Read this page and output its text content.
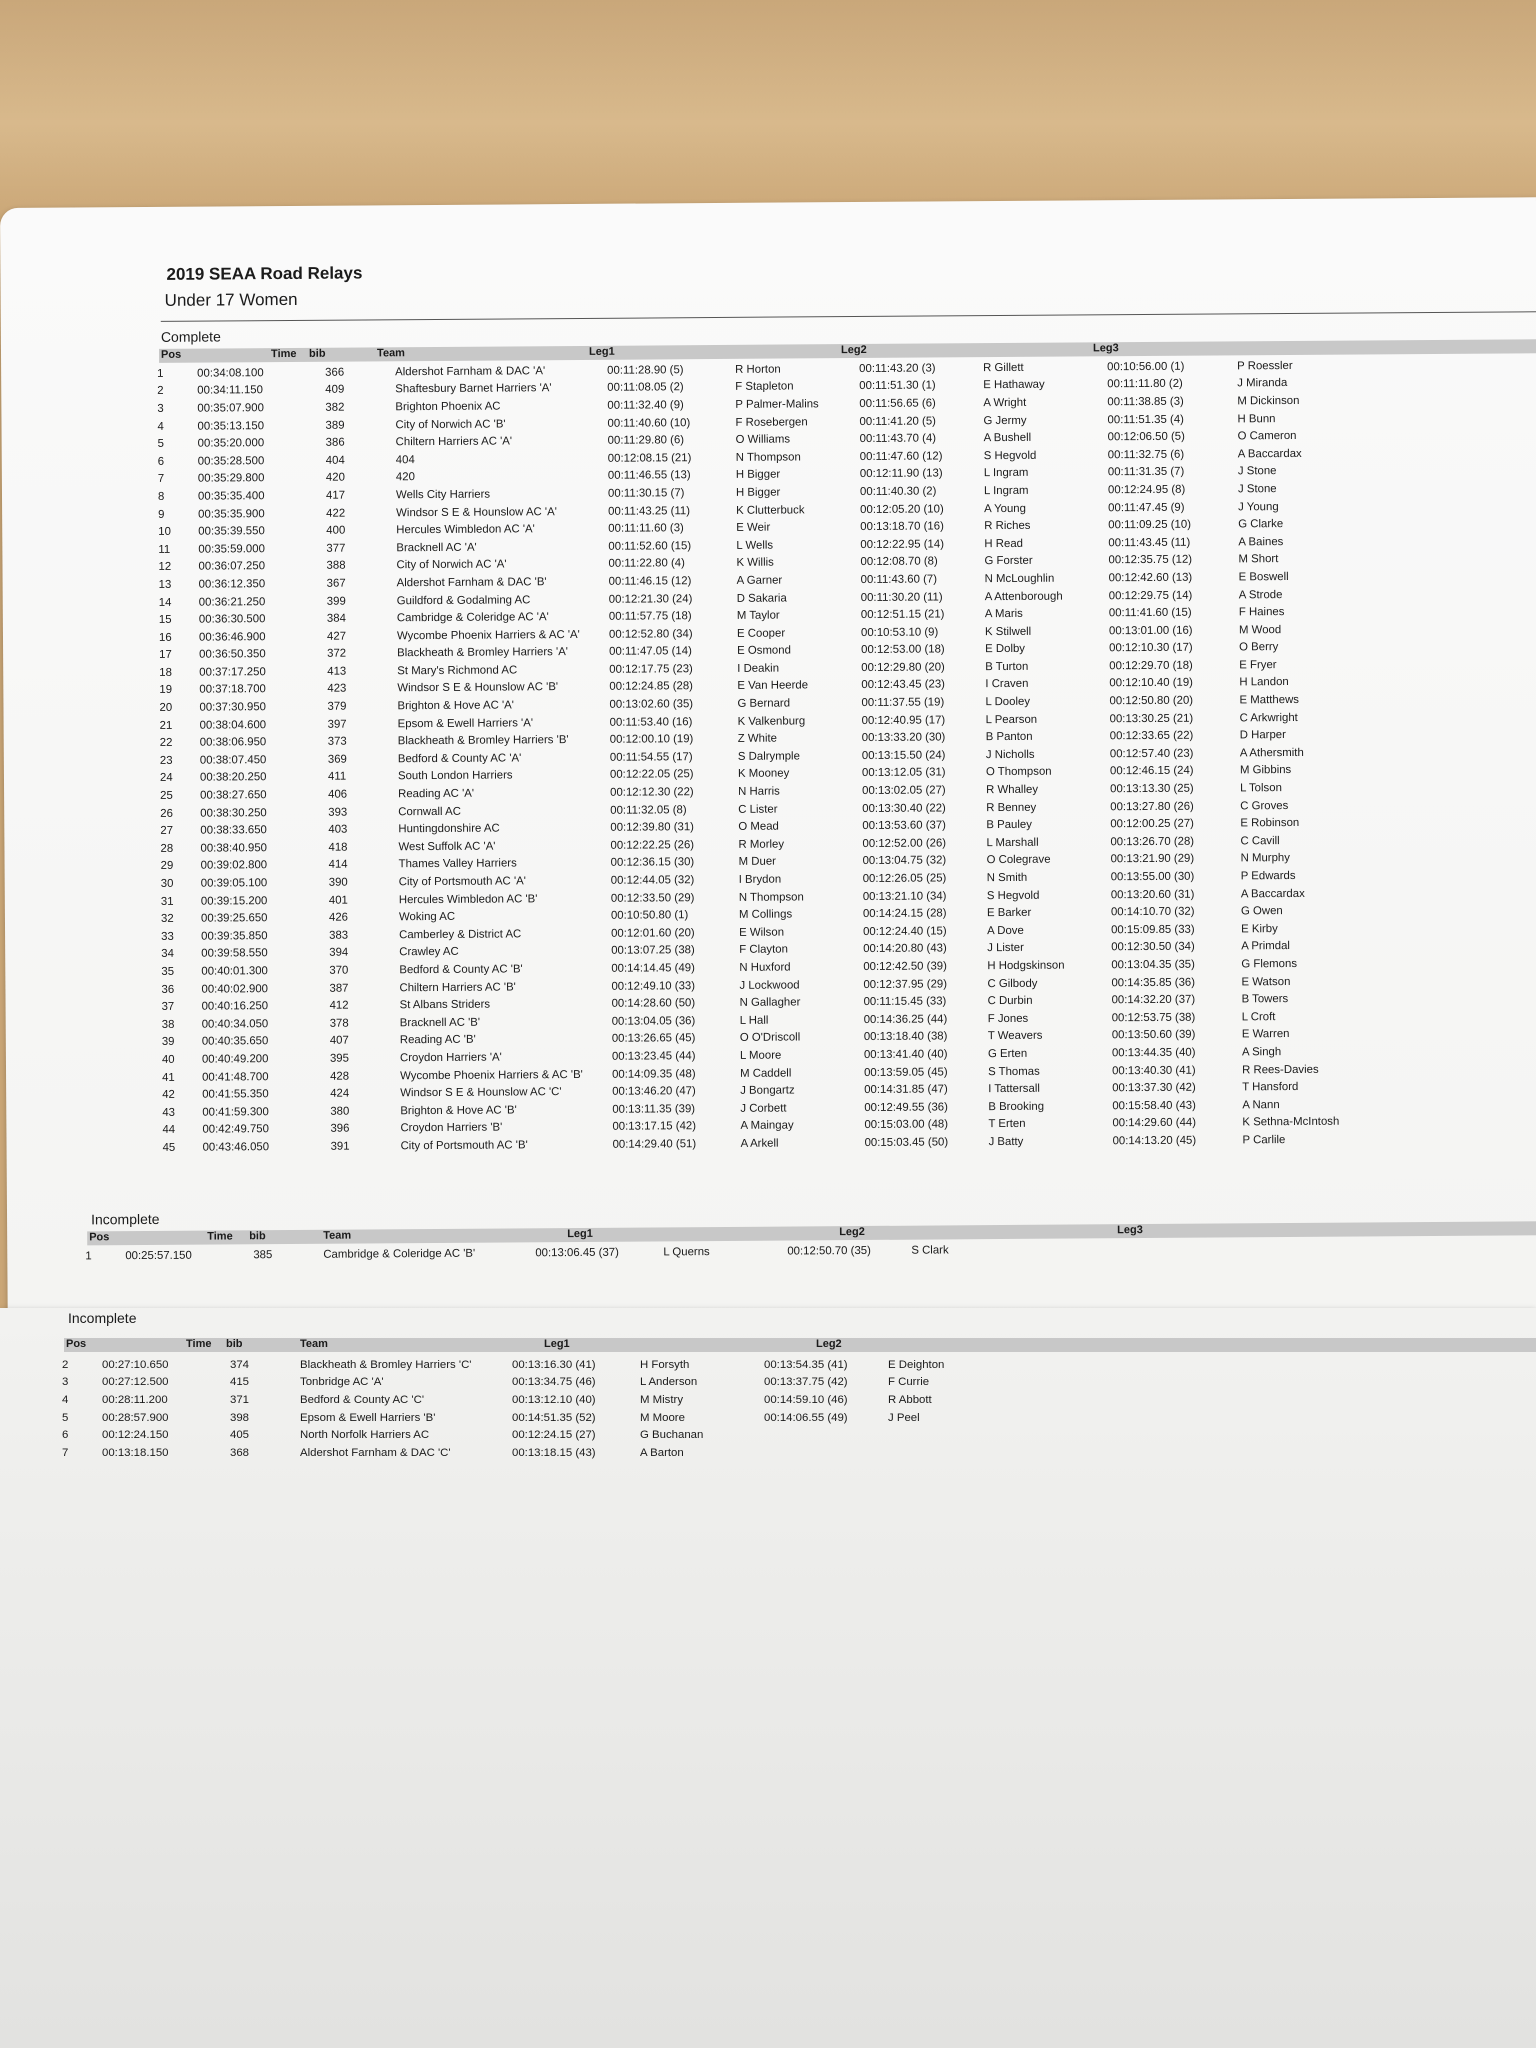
2019 SEAA Road Relays
Under 17 Women
Complete
Pos	Time bib	Team	Leg1	Leg2	Leg3
1	00:34:08.100	366	Aldershot Farnham & DAC 'A'	00:11:28.90 (5)	R Horton	00:11:43.20 (3)	R Gillett	00:10:56.00 (1)	P Roessler
2	00:34:11.150	409	Shaftesbury Barnet Harriers 'A'	00:11:08.05 (2)	F Stapleton	00:11:51.30 (1)	E Hathaway	00:11:11.80 (2)	J Miranda
3	00:35:07.900	382	Brighton Phoenix AC	00:11:32.40 (9)	P Palmer-Malins	00:11:56.65 (6)	A Wright	00:11:38.85 (3)	M Dickinson
4	00:35:13.150	389	City of Norwich AC 'B'	00:11:40.60 (10)	F Rosebergen	00:11:41.20 (5)	G Jermy	00:11:51.35 (4)	H Bunn
5	00:35:20.000	386	Chiltern Harriers AC 'A'	00:11:29.80 (6)	O Williams	00:11:43.70 (4)	A Bushell	00:12:06.50 (5)	O Cameron
6	00:35:28.500	404	404	00:12:08.15 (21)	N Thompson	00:11:47.60 (12)	S Hegvold	00:11:32.75 (6)	A Baccardax
7	00:35:29.800	420	420	00:11:46.55 (13)	H Bigger	00:12:11.90 (13)	L Ingram	00:11:31.35 (7)	J Stone
8	00:35:35.400	417	Wells City Harriers	00:11:30.15 (7)	H Bigger	00:11:40.30 (2)	L Ingram	00:12:24.95 (8)	J Stone
9	00:35:35.900	422	Windsor S E & Hounslow AC 'A'	00:11:43.25 (11)	K Clutterbuck	00:12:05.20 (10)	A Young	00:11:47.45 (9)	J Young
10	00:35:39.550	400	Hercules Wimbledon AC 'A'	00:11:11.60 (3)	E Weir	00:13:18.70 (16)	R Riches	00:11:09.25 (10)	G Clarke
11	00:35:59.000	377	Bracknell AC 'A'	00:11:52.60 (15)	L Wells	00:12:22.95 (14)	H Read	00:11:43.45 (11)	A Baines
12	00:36:07.250	388	City of Norwich AC 'A'	00:11:22.80 (4)	K Willis	00:12:08.70 (8)	G Forster	00:12:35.75 (12)	M Short
13	00:36:12.350	367	Aldershot Farnham & DAC 'B'	00:11:46.15 (12)	A Garner	00:11:43.60 (7)	N McLoughlin	00:12:42.60 (13)	E Boswell
14	00:36:21.250	399	Guildford & Godalming AC	00:12:21.30 (24)	D Sakaria	00:11:30.20 (11)	A Attenborough	00:12:29.75 (14)	A Strode
15	00:36:30.500	384	Cambridge & Coleridge AC 'A'	00:11:57.75 (18)	M Taylor	00:12:51.15 (21)	A Maris	00:11:41.60 (15)	F Haines
16	00:36:46.900	427	Wycombe Phoenix Harriers & AC 'A'	00:12:52.80 (34)	E Cooper	00:10:53.10 (9)	K Stilwell	00:13:01.00 (16)	M Wood
17	00:36:50.350	372	Blackheath & Bromley Harriers 'A'	00:11:47.05 (14)	E Osmond	00:12:53.00 (18)	E Dolby	00:12:10.30 (17)	O Berry
18	00:37:17.250	413	St Mary's Richmond AC	00:12:17.75 (23)	I Deakin	00:12:29.80 (20)	B Turton	00:12:29.70 (18)	E Fryer
19	00:37:18.700	423	Windsor S E & Hounslow AC 'B'	00:12:24.85 (28)	E Van Heerde	00:12:43.45 (23)	I Craven	00:12:10.40 (19)	H Landon
20	00:37:30.950	379	Brighton & Hove AC 'A'	00:13:02.60 (35)	G Bernard	00:11:37.55 (19)	L Dooley	00:12:50.80 (20)	E Matthews
21	00:38:04.600	397	Epsom & Ewell Harriers 'A'	00:11:53.40 (16)	K Valkenburg	00:12:40.95 (17)	L Pearson	00:13:30.25 (21)	C Arkwright
22	00:38:06.950	373	Blackheath & Bromley Harriers 'B'	00:12:00.10 (19)	Z White	00:13:33.20 (30)	B Panton	00:12:33.65 (22)	D Harper
23	00:38:07.450	369	Bedford & County AC 'A'	00:11:54.55 (17)	S Dalrymple	00:13:15.50 (24)	J Nicholls	00:12:57.40 (23)	A Athersmith
24	00:38:20.250	411	South London Harriers	00:12:22.05 (25)	K Mooney	00:13:12.05 (31)	O Thompson	00:12:46.15 (24)	M Gibbins
25	00:38:27.650	406	Reading AC 'A'	00:12:12.30 (22)	N Harris	00:13:02.05 (27)	R Whalley	00:13:13.30 (25)	L Tolson
26	00:38:30.250	393	Cornwall AC	00:11:32.05 (8)	C Lister	00:13:30.40 (22)	R Benney	00:13:27.80 (26)	C Groves
27	00:38:33.650	403	Huntingdonshire AC	00:12:39.80 (31)	O Mead	00:13:53.60 (37)	B Pauley	00:12:00.25 (27)	E Robinson
28	00:38:40.950	418	West Suffolk AC 'A'	00:12:22.25 (26)	R Morley	00:12:52.00 (26)	L Marshall	00:13:26.70 (28)	C Cavill
29	00:39:02.800	414	Thames Valley Harriers	00:12:36.15 (30)	M Duer	00:13:04.75 (32)	O Colegrave	00:13:21.90 (29)	N Murphy
30	00:39:05.100	390	City of Portsmouth AC 'A'	00:12:44.05 (32)	I Brydon	00:12:26.05 (25)	N Smith	00:13:55.00 (30)	P Edwards
31	00:39:15.200	401	Hercules Wimbledon AC 'B'	00:12:33.50 (29)	N Thompson	00:13:21.10 (34)	S Hegvold	00:13:20.60 (31)	A Baccardax
32	00:39:25.650	426	Woking AC	00:10:50.80 (1)	M Collings	00:14:24.15 (28)	E Barker	00:14:10.70 (32)	G Owen
33	00:39:35.850	383	Camberley & District AC	00:12:01.60 (20)	E Wilson	00:12:24.40 (15)	A Dove	00:15:09.85 (33)	E Kirby
34	00:39:58.550	394	Crawley AC	00:13:07.25 (38)	F Clayton	00:14:20.80 (43)	J Lister	00:12:30.50 (34)	A Primdal
35	00:40:01.300	370	Bedford & County AC 'B'	00:14:14.45 (49)	N Huxford	00:12:42.50 (39)	H Hodgskinson	00:13:04.35 (35)	G Flemons
36	00:40:02.900	387	Chiltern Harriers AC 'B'	00:12:49.10 (33)	J Lockwood	00:12:37.95 (29)	C Gilbody	00:14:35.85 (36)	E Watson
37	00:40:16.250	412	St Albans Striders	00:14:28.60 (50)	N Gallagher	00:11:15.45 (33)	C Durbin	00:14:32.20 (37)	B Towers
38	00:40:34.050	378	Bracknell AC 'B'	00:13:04.05 (36)	L Hall	00:14:36.25 (44)	F Jones	00:12:53.75 (38)	L Croft
39	00:40:35.650	407	Reading AC 'B'	00:13:26.65 (45)	O O'Driscoll	00:13:18.40 (38)	T Weavers	00:13:50.60 (39)	E Warren
40	00:40:49.200	395	Croydon Harriers 'A'	00:13:23.45 (44)	L Moore	00:13:41.40 (40)	G Erten	00:13:44.35 (40)	A Singh
41	00:41:48.700	428	Wycombe Phoenix Harriers & AC 'B'	00:14:09.35 (48)	M Caddell	00:13:59.05 (45)	S Thomas	00:13:40.30 (41)	R Rees-Davies
42	00:41:55.350	424	Windsor S E & Hounslow AC 'C'	00:13:46.20 (47)	J Bongartz	00:14:31.85 (47)	I Tattersall	00:13:37.30 (42)	T Hansford
43	00:41:59.300	380	Brighton & Hove AC 'B'	00:13:11.35 (39)	J Corbett	00:12:49.55 (36)	B Brooking	00:15:58.40 (43)	A Nann
44	00:42:49.750	396	Croydon Harriers 'B'	00:13:17.15 (42)	A Maingay	00:15:03.00 (48)	T Erten	00:14:29.60 (44)	K Sethna-McIntosh
45	00:43:46.050	391	City of Portsmouth AC 'B'	00:14:29.40 (51)	A Arkell	00:15:03.45 (50)	J Batty	00:14:13.20 (45)	P Carlile
Incomplete
Pos	Time bib	Team	Leg1	Leg2	Leg3
1	00:25:57.150	385	Cambridge & Coleridge AC 'B'	00:13:06.45 (37)	L Querns	00:12:50.70 (35)	S Clark		
Incomplete
Pos	Time bib	Team	Leg1	Leg2
2	00:27:10.650	374	Blackheath & Bromley Harriers 'C'	00:13:16.30 (41)	H Forsyth	00:13:54.35 (41)	E Deighton
3	00:27:12.500	415	Tonbridge AC 'A'	00:13:34.75 (46)	L Anderson	00:13:37.75 (42)	F Currie
4	00:28:11.200	371	Bedford & County AC 'C'	00:13:12.10 (40)	M Mistry	00:14:59.10 (46)	R Abbott
5	00:28:57.900	398	Epsom & Ewell Harriers 'B'	00:14:51.35 (52)	M Moore	00:14:06.55 (49)	J Peel
6	00:12:24.150	405	North Norfolk Harriers AC	00:12:24.15 (27)	G Buchanan		
7	00:13:18.150	368	Aldershot Farnham & DAC 'C'	00:13:18.15 (43)	A Barton		
